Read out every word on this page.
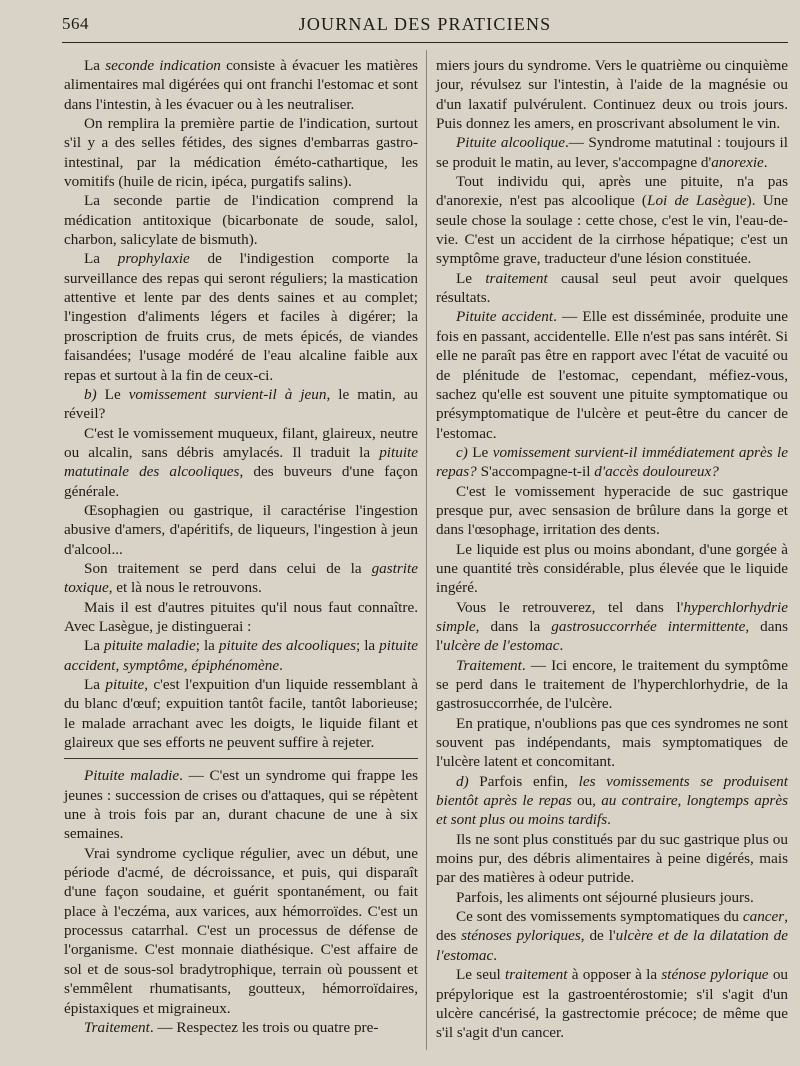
564	JOURNAL DES PRATICIENS

La seconde indication consiste à évacuer les matières alimentaires mal digérées qui ont franchi l'estomac et sont dans l'intestin, à les évacuer ou à les neutraliser.

On remplira la première partie de l'indication, surtout s'il y a des selles fétides, des signes d'embarras gastro-intestinal, par la médication éméto-cathartique, les vomitifs (huile de ricin, ipéca, purgatifs salins).

La seconde partie de l'indication comprend la médication antitoxique (bicarbonate de soude, salol, charbon, salicylate de bismuth).

La prophylaxie de l'indigestion comporte la surveillance des repas qui seront réguliers; la mastication attentive et lente par des dents saines et au complet; l'ingestion d'aliments légers et faciles à digérer; la proscription de fruits crus, de mets épicés, de viandes faisandées; l'usage modéré de l'eau alcaline faible aux repas et surtout à la fin de ceux-ci.

b) Le vomissement survient-il à jeun, le matin, au réveil?

C'est le vomissement muqueux, filant, glaireux, neutre ou alcalin, sans débris amylacés. Il traduit la pituite matutinale des alcooliques, des buveurs d'une façon générale.

Œsophagien ou gastrique, il caractérise l'ingestion abusive d'amers, d'apéritifs, de liqueurs, l'ingestion à jeun d'alcool...

Son traitement se perd dans celui de la gastrite toxique, et là nous le retrouvons.

Mais il est d'autres pituites qu'il nous faut connaître. Avec Lasègue, je distinguerai :

La pituite maladie; la pituite des alcooliques; la pituite accident, symptôme, épiphénomène.

La pituite, c'est l'expuition d'un liquide ressemblant à du blanc d'œuf; expuition tantôt facile, tantôt laborieuse; le malade arrachant avec les doigts, le liquide filant et glaireux que ses efforts ne peuvent suffire à rejeter.

Pituite maladie. — C'est un syndrome qui frappe les jeunes : succession de crises ou d'attaques, qui se répètent une à trois fois par an, durant chacune de une à six semaines.

Vrai syndrome cyclique régulier, avec un début, une période d'acmé, de décroissance, et puis, qui disparaît d'une façon soudaine, et guérit spontanément, ou fait place à l'eczéma, aux varices, aux hémorroïdes. C'est un processus catarrhal. C'est un processus de défense de l'organisme. C'est monnaie diathésique. C'est affaire de sol et de sous-sol bradytrophique, terrain où poussent et s'emmêlent rhumatisants, goutteux, hémorroïdaires, épistaxiques et migraineux.

Traitement. — Respectez les trois ou quatre pre-

miers jours du syndrome. Vers le quatrième ou cinquième jour, révulsez sur l'intestin, à l'aide de la magnésie ou d'un laxatif pulvérulent. Continuez deux ou trois jours. Puis donnez les amers, en proscrivant absolument le vin.

Pituite alcoolique.— Syndrome matutinal : toujours il se produit le matin, au lever, s'accompagne d'anorexie.

Tout individu qui, après une pituite, n'a pas d'anorexie, n'est pas alcoolique (Loi de Lasègue). Une seule chose la soulage : cette chose, c'est le vin, l'eau-de-vie. C'est un accident de la cirrhose hépatique; c'est un symptôme grave, traducteur d'une lésion constituée.

Le traitement causal seul peut avoir quelques résultats.

Pituite accident. — Elle est disséminée, produite une fois en passant, accidentelle. Elle n'est pas sans intérêt. Si elle ne paraît pas être en rapport avec l'état de vacuité ou de plénitude de l'estomac, cependant, méfiez-vous, sachez qu'elle est souvent une pituite symptomatique ou présymptomatique de l'ulcère et peut-être du cancer de l'estomac.

c) Le vomissement survient-il immédiatement après le repas? S'accompagne-t-il d'accès douloureux?

C'est le vomissement hyperacide de suc gastrique presque pur, avec sensasion de brûlure dans la gorge et dans l'œsophage, irritation des dents.

Le liquide est plus ou moins abondant, d'une gorgée à une quantité très considérable, plus élevée que le liquide ingéré.

Vous le retrouverez, tel dans l'hyperchlorhydrie simple, dans la gastrosuccorrhée intermittente, dans l'ulcère de l'estomac.

Traitement. — Ici encore, le traitement du symptôme se perd dans le traitement de l'hyperchlorhydrie, de la gastrosuccorrhée, de l'ulcère.

En pratique, n'oublions pas que ces syndromes ne sont souvent pas indépendants, mais symptomatiques de l'ulcère latent et concomitant.

d) Parfois enfin, les vomissements se produisent bientôt après le repas ou, au contraire, longtemps après et sont plus ou moins tardifs.

Ils ne sont plus constitués par du suc gastrique plus ou moins pur, des débris alimentaires à peine digérés, mais par des matières à odeur putride.

Parfois, les aliments ont séjourné plusieurs jours.

Ce sont des vomissements symptomatiques du cancer, des sténoses pyloriques, de l'ulcère et de la dilatation de l'estomac.

Le seul traitement à opposer à la sténose pylorique ou prépylorique est la gastroentérostomie; s'il s'agit d'un ulcère cancérisé, la gastrectomie précoce; de même que s'il s'agit d'un cancer.
